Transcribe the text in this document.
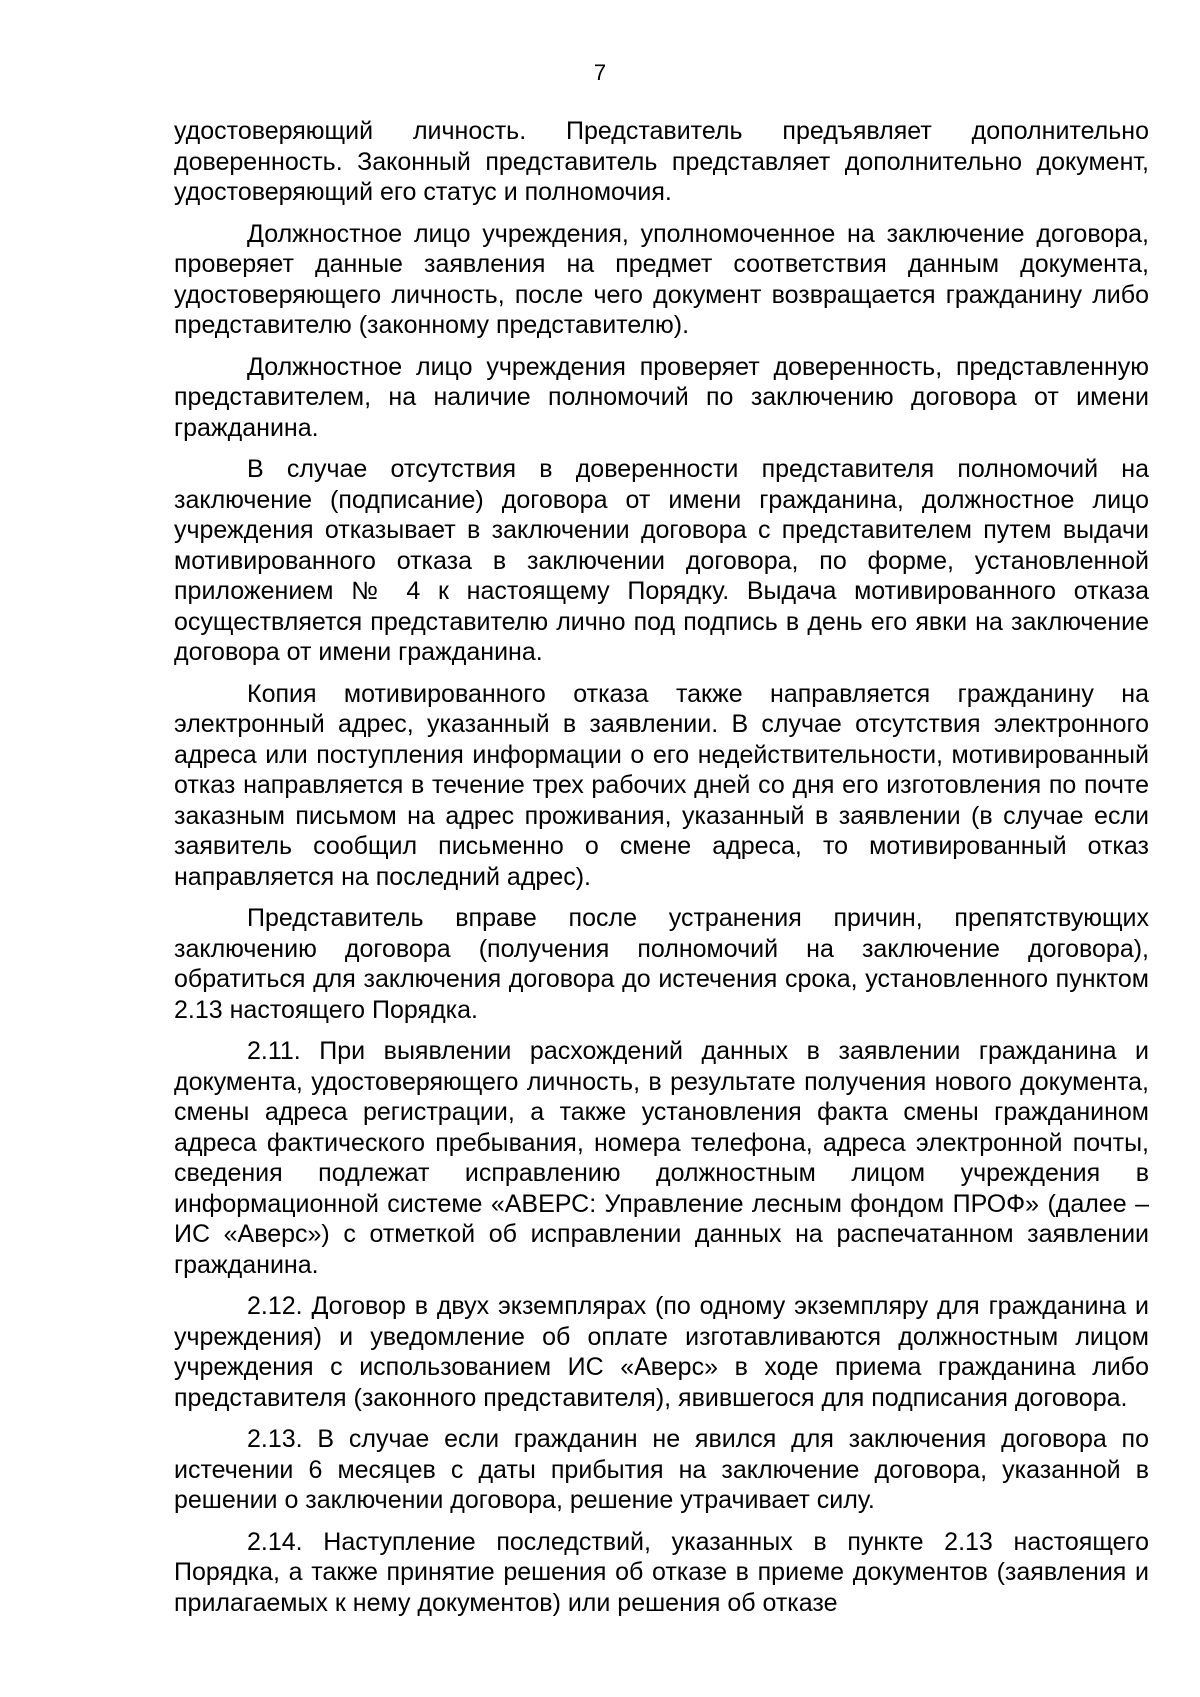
7

удостоверяющий личность. Представитель предъявляет дополнительно доверенность. Законный представитель представляет дополнительно документ, удостоверяющий его статус и полномочия.

Должностное лицо учреждения, уполномоченное на заключение договора, проверяет данные заявления на предмет соответствия данным документа, удостоверяющего личность, после чего документ возвращается гражданину либо представителю (законному представителю).

Должностное лицо учреждения проверяет доверенность, представленную представителем, на наличие полномочий по заключению договора от имени гражданина.

В случае отсутствия в доверенности представителя полномочий на заключение (подписание) договора от имени гражданина, должностное лицо учреждения отказывает в заключении договора с представителем путем выдачи мотивированного отказа в заключении договора, по форме, установленной приложением № 4 к настоящему Порядку. Выдача мотивированного отказа осуществляется представителю лично под подпись в день его явки на заключение договора от имени гражданина.

Копия мотивированного отказа также направляется гражданину на электронный адрес, указанный в заявлении. В случае отсутствия электронного адреса или поступления информации о его недействительности, мотивированный отказ направляется в течение трех рабочих дней со дня его изготовления по почте заказным письмом на адрес проживания, указанный в заявлении (в случае если заявитель сообщил письменно о смене адреса, то мотивированный отказ направляется на последний адрес).

Представитель вправе после устранения причин, препятствующих заключению договора (получения полномочий на заключение договора), обратиться для заключения договора до истечения срока, установленного пунктом 2.13 настоящего Порядка.

2.11. При выявлении расхождений данных в заявлении гражданина и документа, удостоверяющего личность, в результате получения нового документа, смены адреса регистрации, а также установления факта смены гражданином адреса фактического пребывания, номера телефона, адреса электронной почты, сведения подлежат исправлению должностным лицом учреждения в информационной системе «АВЕРС: Управление лесным фондом ПРОФ» (далее – ИС «Аверс») с отметкой об исправлении данных на распечатанном заявлении гражданина.

2.12. Договор в двух экземплярах (по одному экземпляру для гражданина и учреждения) и уведомление об оплате изготавливаются должностным лицом учреждения с использованием ИС «Аверс» в ходе приема гражданина либо представителя (законного представителя), явившегося для подписания договора.

2.13. В случае если гражданин не явился для заключения договора по истечении 6 месяцев с даты прибытия на заключение договора, указанной в решении о заключении договора, решение утрачивает силу.

2.14. Наступление последствий, указанных в пункте 2.13 настоящего Порядка, а также принятие решения об отказе в приеме документов (заявления и прилагаемых к нему документов) или решения об отказе
